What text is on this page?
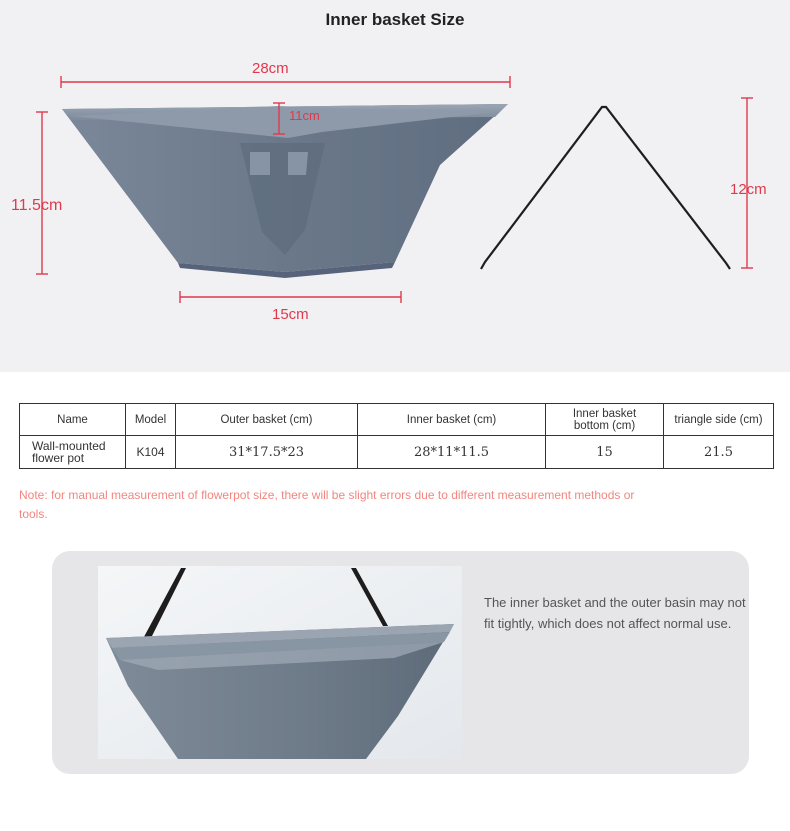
Inner basket Size
28cm
11cm
11.5cm
15cm
12cm
Name	Model	Outer basket (cm)	Inner basket (cm)	Inner basket
bottom (cm)	triangle side (cm)
Wall-mounted
flower pot	K104	31*17.5*23	28*11*11.5	15	21.5
Note: for manual measurement of flowerpot size, there will be slight errors due to different measurement methods or tools.
The inner basket and the outer basin may not fit tightly, which does not affect normal use.
